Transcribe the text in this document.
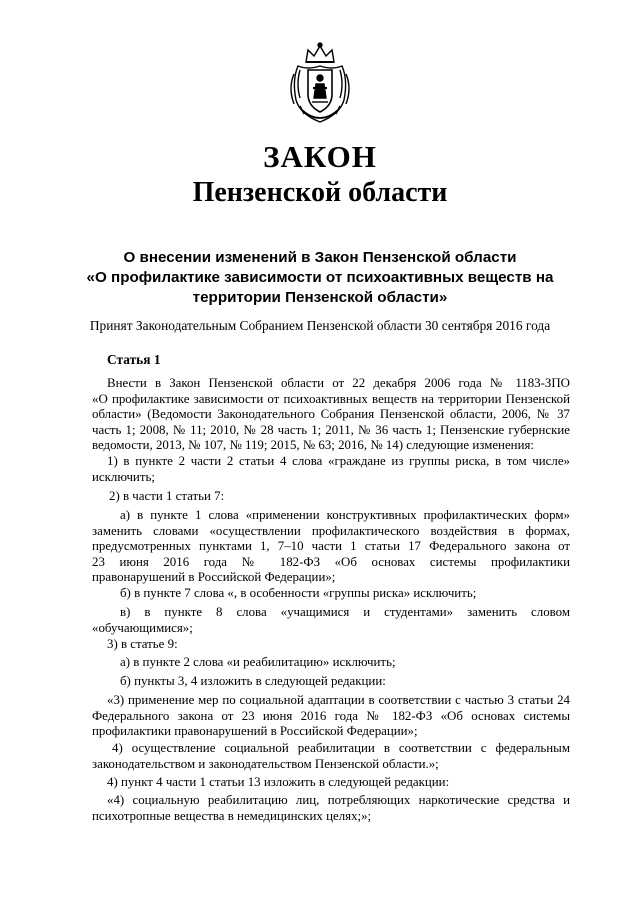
ЗАКОН
Пензенской области
О внесении изменений в Закон Пензенской области
«О профилактике зависимости от психоактивных веществ на
территории Пензенской области»
Принят Законодательным Собранием Пензенской области 30 сентября 2016 года
Статья 1
Внести в Закон Пензенской области от 22 декабря 2006 года № 1183-ЗПО
«О профилактике зависимости от психоактивных веществ на территории Пензенской
области» (Ведомости Законодательного Собрания Пензенской области, 2006, № 37
часть 1; 2008, № 11; 2010, № 28 часть 1; 2011, № 36 часть 1; Пензенские губернские
ведомости, 2013, № 107, № 119; 2015, № 63; 2016, № 14) следующие изменения:
1) в пункте 2 части 2 статьи 4 слова «граждане из группы риска, в том числе»
исключить;
2) в части 1 статьи 7:
а) в пункте 1 слова «применении конструктивных профилактических форм»
заменить словами «осуществлении профилактического воздействия в формах,
предусмотренных пунктами 1, 7–10 части 1 статьи 17 Федерального закона от
23 июня 2016 года № 182-ФЗ «Об основах системы профилактики
правонарушений в Российской Федерации»;
б) в пункте 7 слова «, в особенности «группы риска» исключить;
в) в пункте 8 слова «учащимися и студентами» заменить словом
«обучающимися»;
3) в статье 9:
а) в пункте 2 слова «и реабилитацию» исключить;
б) пункты 3, 4 изложить в следующей редакции:
«3) применение мер по социальной адаптации в соответствии с частью 3 статьи 24
Федерального закона от 23 июня 2016 года № 182-ФЗ «Об основах системы
профилактики правонарушений в Российской Федерации»;
4) осуществление социальной реабилитации в соответствии с федеральным
законодательством и законодательством Пензенской области.»;
4) пункт 4 части 1 статьи 13 изложить в следующей редакции:
«4) социальную реабилитацию лиц, потребляющих наркотические средства и
психотропные вещества в немедицинских целях;»;
